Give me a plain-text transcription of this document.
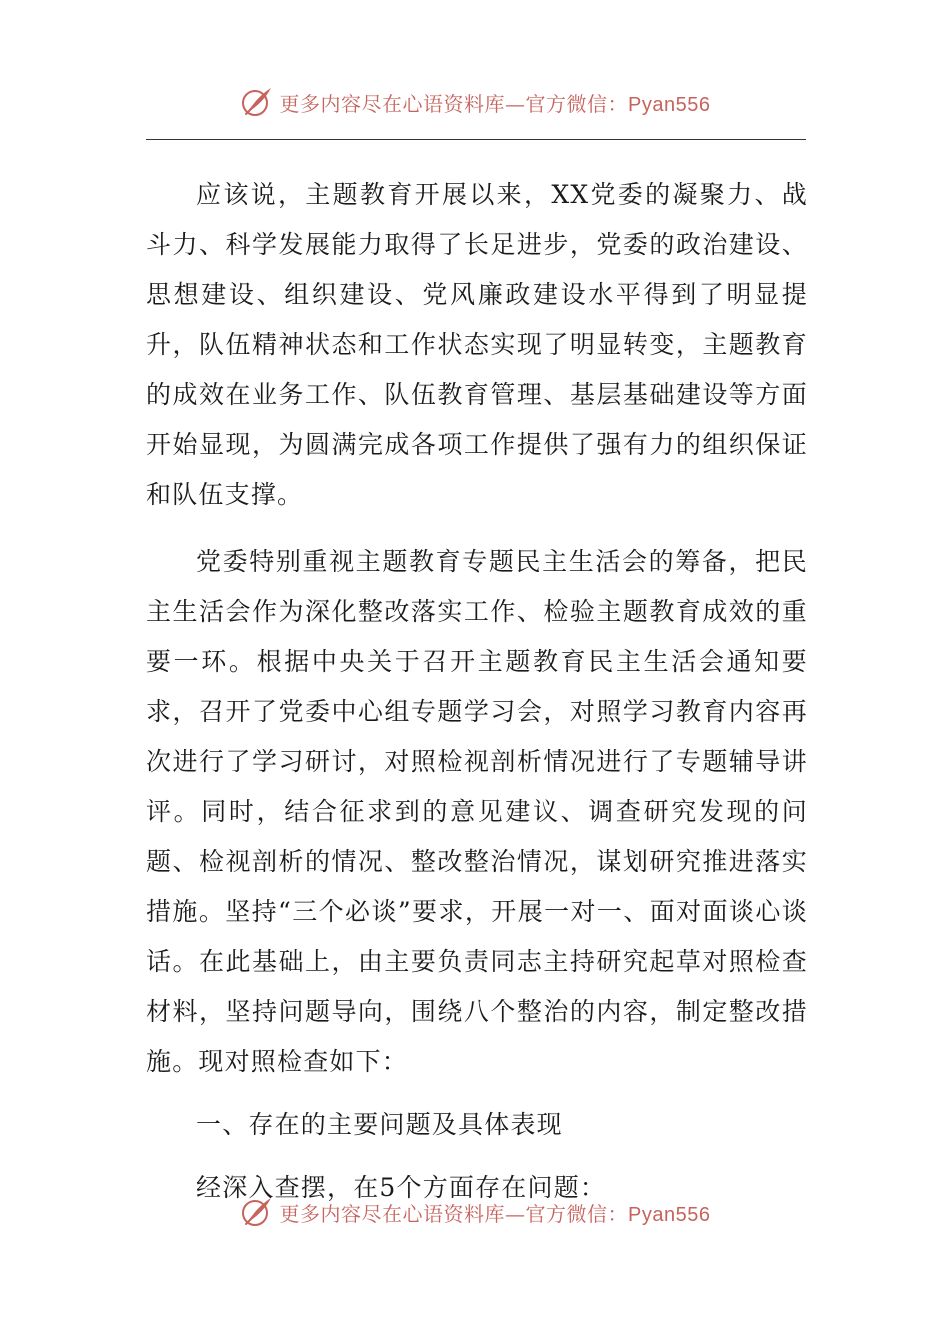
更多内容尽在心语资料库—官方微信：Pyan556

应该说，主题教育开展以来，XX党委的凝聚力、战斗力、科学发展能力取得了长足进步，党委的政治建设、思想建设、组织建设、党风廉政建设水平得到了明显提升，队伍精神状态和工作状态实现了明显转变，主题教育的成效在业务工作、队伍教育管理、基层基础建设等方面开始显现，为圆满完成各项工作提供了强有力的组织保证和队伍支撑。

党委特别重视主题教育专题民主生活会的筹备，把民主生活会作为深化整改落实工作、检验主题教育成效的重要一环。根据中央关于召开主题教育民主生活会通知要求，召开了党委中心组专题学习会，对照学习教育内容再次进行了学习研讨，对照检视剖析情况进行了专题辅导讲评。同时，结合征求到的意见建议、调查研究发现的问题、检视剖析的情况、整改整治情况，谋划研究推进落实措施。坚持“三个必谈”要求，开展一对一、面对面谈心谈话。在此基础上，由主要负责同志主持研究起草对照检查材料，坚持问题导向，围绕八个整治的内容，制定整改措施。现对照检查如下：

一、存在的主要问题及具体表现

经深入查摆，在5个方面存在问题：

更多内容尽在心语资料库—官方微信：Pyan556
